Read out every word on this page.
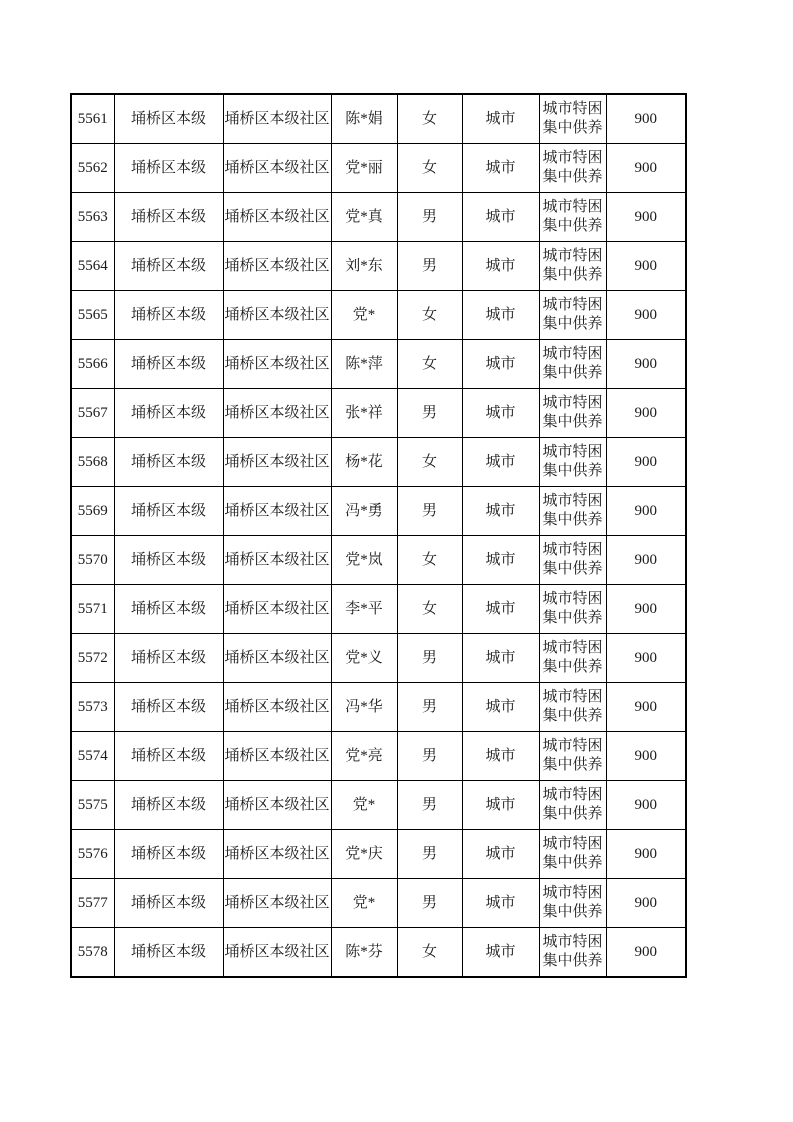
5561	埇桥区本级	埇桥区本级社区	陈*娟	女	城市	城市特困集中供养	900
5562	埇桥区本级	埇桥区本级社区	党*丽	女	城市	城市特困集中供养	900
5563	埇桥区本级	埇桥区本级社区	党*真	男	城市	城市特困集中供养	900
5564	埇桥区本级	埇桥区本级社区	刘*东	男	城市	城市特困集中供养	900
5565	埇桥区本级	埇桥区本级社区	党*	女	城市	城市特困集中供养	900
5566	埇桥区本级	埇桥区本级社区	陈*萍	女	城市	城市特困集中供养	900
5567	埇桥区本级	埇桥区本级社区	张*祥	男	城市	城市特困集中供养	900
5568	埇桥区本级	埇桥区本级社区	杨*花	女	城市	城市特困集中供养	900
5569	埇桥区本级	埇桥区本级社区	冯*勇	男	城市	城市特困集中供养	900
5570	埇桥区本级	埇桥区本级社区	党*岚	女	城市	城市特困集中供养	900
5571	埇桥区本级	埇桥区本级社区	李*平	女	城市	城市特困集中供养	900
5572	埇桥区本级	埇桥区本级社区	党*义	男	城市	城市特困集中供养	900
5573	埇桥区本级	埇桥区本级社区	冯*华	男	城市	城市特困集中供养	900
5574	埇桥区本级	埇桥区本级社区	党*亮	男	城市	城市特困集中供养	900
5575	埇桥区本级	埇桥区本级社区	党*	男	城市	城市特困集中供养	900
5576	埇桥区本级	埇桥区本级社区	党*庆	男	城市	城市特困集中供养	900
5577	埇桥区本级	埇桥区本级社区	党*	男	城市	城市特困集中供养	900
5578	埇桥区本级	埇桥区本级社区	陈*芬	女	城市	城市特困集中供养	900
